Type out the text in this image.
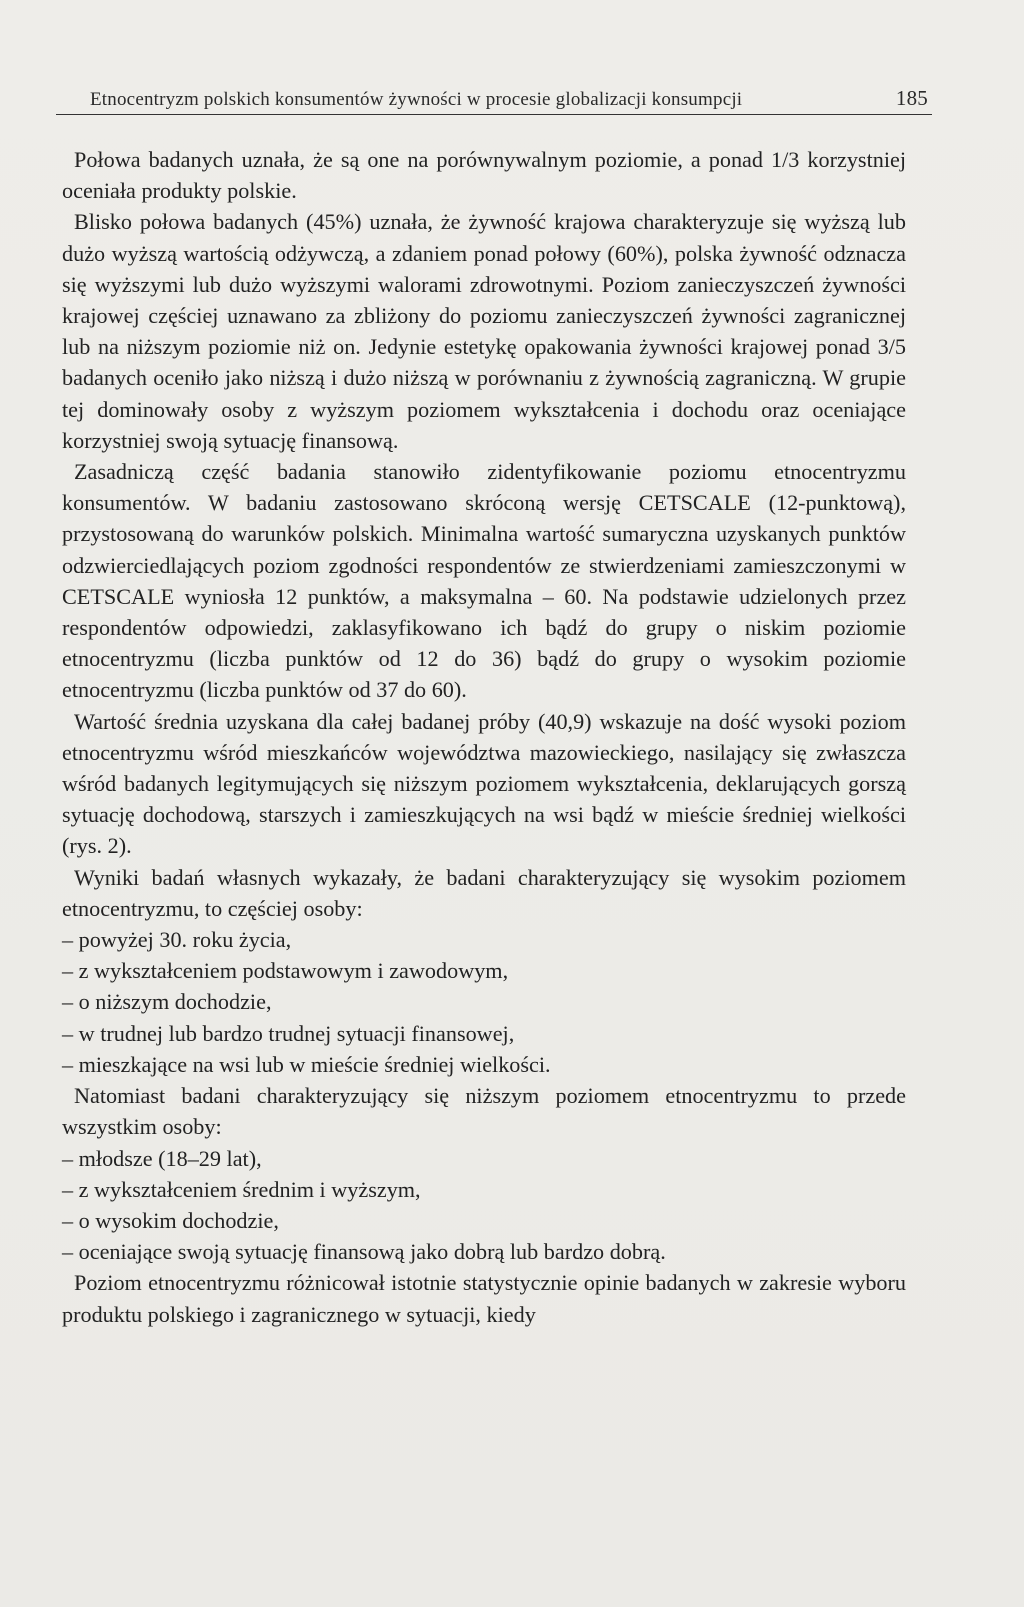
Etnocentryzm polskich konsumentów żywności w procesie globalizacji konsumpcji	185

Połowa badanych uznała, że są one na porównywalnym poziomie, a ponad 1/3 korzystniej oceniała produkty polskie.

Blisko połowa badanych (45%) uznała, że żywność krajowa charakteryzuje się wyższą lub dużo wyższą wartością odżywczą, a zdaniem ponad połowy (60%), polska żywność odznacza się wyższymi lub dużo wyższymi walorami zdrowotnymi. Poziom zanieczyszczeń żywności krajowej częściej uznawano za zbliżony do poziomu zanieczyszczeń żywności zagranicznej lub na niższym poziomie niż on. Jedynie estetykę opakowania żywności krajowej ponad 3/5 badanych oceniło jako niższą i dużo niższą w porównaniu z żywnością zagraniczną. W grupie tej dominowały osoby z wyższym poziomem wykształcenia i dochodu oraz oceniające korzystniej swoją sytuację finansową.

Zasadniczą część badania stanowiło zidentyfikowanie poziomu etnocentryzmu konsumentów. W badaniu zastosowano skróconą wersję CETSCALE (12-punktową), przystosowaną do warunków polskich. Minimalna wartość sumaryczna uzyskanych punktów odzwierciedlających poziom zgodności respondentów ze stwierdzeniami zamieszczonymi w CETSCALE wyniosła 12 punktów, a maksymalna – 60. Na podstawie udzielonych przez respondentów odpowiedzi, zaklasyfikowano ich bądź do grupy o niskim poziomie etnocentryzmu (liczba punktów od 12 do 36) bądź do grupy o wysokim poziomie etnocentryzmu (liczba punktów od 37 do 60).

Wartość średnia uzyskana dla całej badanej próby (40,9) wskazuje na dość wysoki poziom etnocentryzmu wśród mieszkańców województwa mazowieckiego, nasilający się zwłaszcza wśród badanych legitymujących się niższym poziomem wykształcenia, deklarujących gorszą sytuację dochodową, starszych i zamieszkujących na wsi bądź w mieście średniej wielkości (rys. 2).

Wyniki badań własnych wykazały, że badani charakteryzujący się wysokim poziomem etnocentryzmu, to częściej osoby:

– powyżej 30. roku życia,
– z wykształceniem podstawowym i zawodowym,
– o niższym dochodzie,
– w trudnej lub bardzo trudnej sytuacji finansowej,
– mieszkające na wsi lub w mieście średniej wielkości.

Natomiast badani charakteryzujący się niższym poziomem etnocentryzmu to przede wszystkim osoby:

– młodsze (18–29 lat),
– z wykształceniem średnim i wyższym,
– o wysokim dochodzie,
– oceniające swoją sytuację finansową jako dobrą lub bardzo dobrą.

Poziom etnocentryzmu różnicował istotnie statystycznie opinie badanych w zakresie wyboru produktu polskiego i zagranicznego w sytuacji, kiedy
